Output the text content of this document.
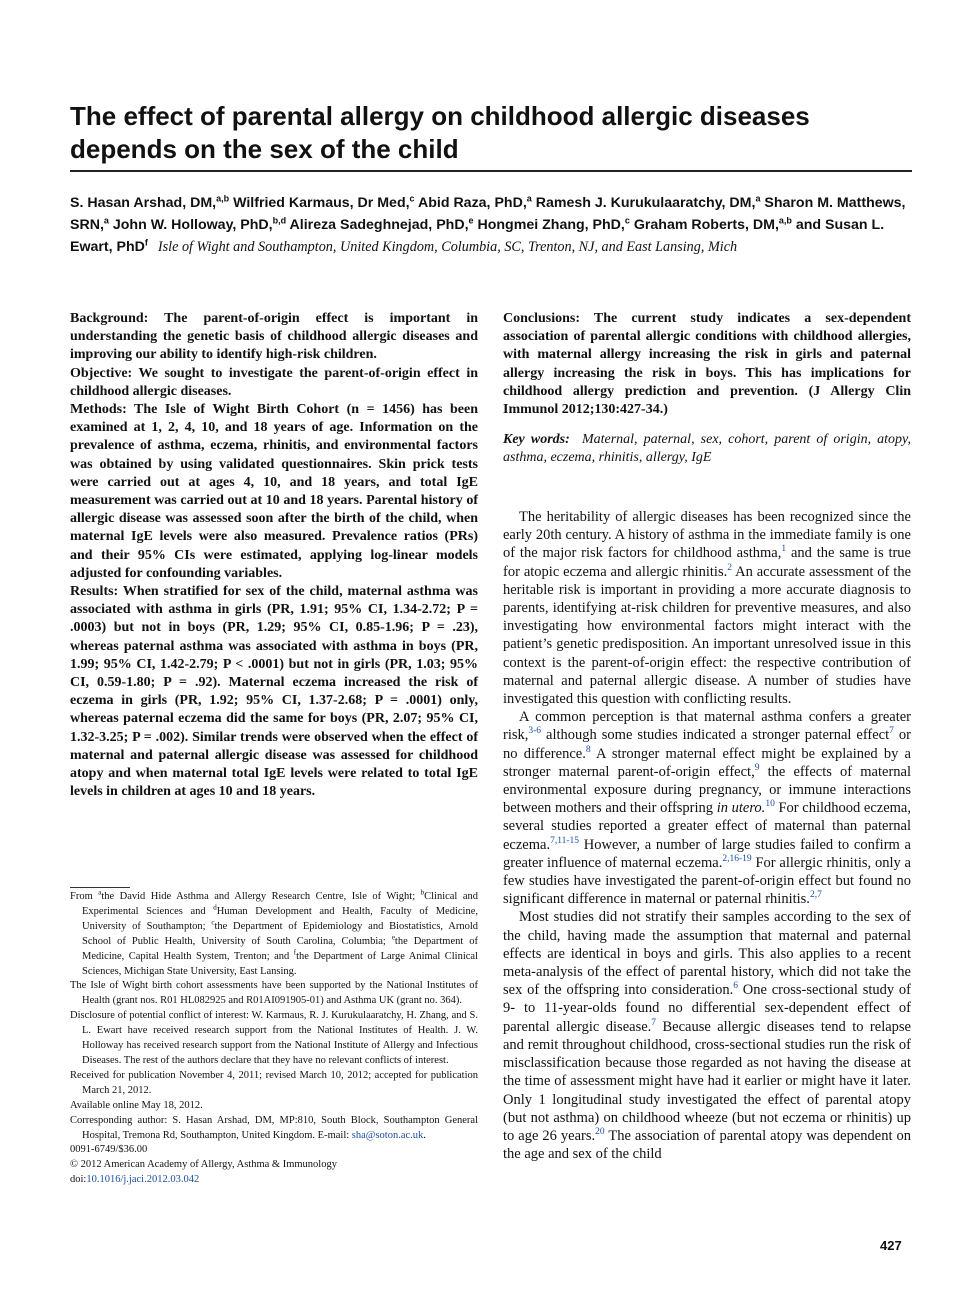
The effect of parental allergy on childhood allergic diseases depends on the sex of the child
S. Hasan Arshad, DM,$^{a,b}$ Wilfried Karmaus, Dr Med,$^c$ Abid Raza, PhD,$^a$ Ramesh J. Kurukulaaratchy, DM,$^a$ Sharon M. Matthews, SRN,$^a$ John W. Holloway, PhD,$^{b,d}$ Alireza Sadeghnejad, PhD,$^e$ Hongmei Zhang, PhD,$^c$ Graham Roberts, DM,$^{a,b}$ and Susan L. Ewart, PhD$^f$ Isle of Wight and Southampton, United Kingdom, Columbia, SC, Trenton, NJ, and East Lansing, Mich

Background: The parent-of-origin effect is important in understanding the genetic basis of childhood allergic diseases and improving our ability to identify high-risk children.

Objective: We sought to investigate the parent-of-origin effect in childhood allergic diseases.

Methods: The Isle of Wight Birth Cohort (n = 1456) has been examined at 1, 2, 4, 10, and 18 years of age. Information on the prevalence of asthma, eczema, rhinitis, and environmental factors was obtained by using validated questionnaires. Skin prick tests were carried out at ages 4, 10, and 18 years, and total IgE measurement was carried out at 10 and 18 years. Parental history of allergic disease was assessed soon after the birth of the child, when maternal IgE levels were also measured. Prevalence ratios (PRs) and their 95% CIs were estimated, applying log-linear models adjusted for confounding variables.

Results: When stratified for sex of the child, maternal asthma was associated with asthma in girls (PR, 1.91; 95% CI, 1.34-2.72; P = .0003) but not in boys (PR, 1.29; 95% CI, 0.85-1.96; P = .23), whereas paternal asthma was associated with asthma in boys (PR, 1.99; 95% CI, 1.42-2.79; P < .0001) but not in girls (PR, 1.03; 95% CI, 0.59-1.80; P = .92). Maternal eczema increased the risk of eczema in girls (PR, 1.92; 95% CI, 1.37-2.68; P = .0001) only, whereas paternal eczema did the same for boys (PR, 2.07; 95% CI, 1.32-3.25; P = .002). Similar trends were observed when the effect of maternal and paternal allergic disease was assessed for childhood atopy and when maternal total IgE levels were related to total IgE levels in children at ages 10 and 18 years.

Conclusions: The current study indicates a sex-dependent association of parental allergic conditions with childhood allergies, with maternal allergy increasing the risk in girls and paternal allergy increasing the risk in boys. This has implications for childhood allergy prediction and prevention. (J Allergy Clin Immunol 2012;130:427-34.)

Key words: Maternal, paternal, sex, cohort, parent of origin, atopy, asthma, eczema, rhinitis, allergy, IgE

The heritability of allergic diseases has been recognized since the early 20th century. A history of asthma in the immediate family is one of the major risk factors for childhood asthma,$^1$ and the same is true for atopic eczema and allergic rhinitis.$^2$ An accurate assessment of the heritable risk is important in providing a more accurate diagnosis to parents, identifying at-risk children for preventive measures, and also investigating how environmental factors might interact with the patient’s genetic predisposition. An important unresolved issue in this context is the parent-of-origin effect: the respective contribution of maternal and paternal allergic disease. A number of studies have investigated this question with conflicting results.

A common perception is that maternal asthma confers a greater risk,$^{3-6}$ although some studies indicated a stronger paternal effect$^7$ or no difference.$^8$ A stronger maternal effect might be explained by a stronger maternal parent-of-origin effect,$^9$ the effects of maternal environmental exposure during pregnancy, or immune interactions between mothers and their offspring in utero.$^{10}$ For childhood eczema, several studies reported a greater effect of maternal than paternal eczema.$^{7,11-15}$ However, a number of large studies failed to confirm a greater influence of maternal eczema.$^{2,16-19}$ For allergic rhinitis, only a few studies have investigated the parent-of-origin effect but found no significant difference in maternal or paternal rhinitis.$^{2,7}$

Most studies did not stratify their samples according to the sex of the child, having made the assumption that maternal and paternal effects are identical in boys and girls. This also applies to a recent meta-analysis of the effect of parental history, which did not take the sex of the offspring into consideration.$^6$ One cross-sectional study of 9- to 11-year-olds found no differential sex-dependent effect of parental allergic disease.$^7$ Because allergic diseases tend to relapse and remit throughout childhood, cross-sectional studies run the risk of misclassification because those regarded as not having the disease at the time of assessment might have had it earlier or might have it later. Only 1 longitudinal study investigated the effect of parental atopy (but not asthma) on childhood wheeze (but not eczema or rhinitis) up to age 26 years.$^{20}$ The association of parental atopy was dependent on the age and sex of the child

From $^a$the David Hide Asthma and Allergy Research Centre, Isle of Wight; $^b$Clinical and Experimental Sciences and $^d$Human Development and Health, Faculty of Medicine, University of Southampton; $^c$the Department of Epidemiology and Biostatistics, Arnold School of Public Health, University of South Carolina, Columbia; $^e$the Department of Medicine, Capital Health System, Trenton; and $^f$the Department of Large Animal Clinical Sciences, Michigan State University, East Lansing.

The Isle of Wight birth cohort assessments have been supported by the National Institutes of Health (grant nos. R01 HL082925 and R01AI091905-01) and Asthma UK (grant no. 364).

Disclosure of potential conflict of interest: W. Karmaus, R. J. Kurukulaaratchy, H. Zhang, and S. L. Ewart have received research support from the National Institutes of Health. J. W. Holloway has received research support from the National Institute of Allergy and Infectious Diseases. The rest of the authors declare that they have no relevant conflicts of interest.

Received for publication November 4, 2011; revised March 10, 2012; accepted for publication March 21, 2012.

Available online May 18, 2012.

Corresponding author: S. Hasan Arshad, DM, MP:810, South Block, Southampton General Hospital, Tremona Rd, Southampton, United Kingdom. E-mail: sha@soton.ac.uk.

0091-6749/$36.00

© 2012 American Academy of Allergy, Asthma & Immunology

doi:10.1016/j.jaci.2012.03.042

427
